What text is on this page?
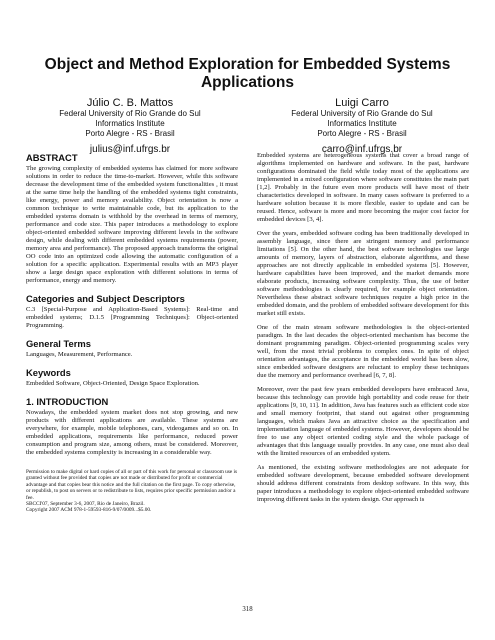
Object and Method Exploration for Embedded Systems Applications
Júlio C. B. Mattos
Federal University of Rio Grande do Sul
Informatics Institute
Porto Alegre - RS - Brasil
julius@inf.ufrgs.br
Luigi Carro
Federal University of Rio Grande do Sul
Informatics Institute
Porto Alegre - RS - Brasil
carro@inf.ufrgs.br
ABSTRACT

The growing complexity of embedded systems has claimed for more software solutions in order to reduce the time-to-market. However, while this software decrease the development time of the embedded system functionalities , it must at the same time help the handling of the embedded systems tight constraints, like energy, power and memory availability. Object orientation is now a common technique to write maintainable code, but its application to the embedded systems domain is withhold by the overhead in terms of memory, performance and code size. This paper introduces a methodology to explore object-oriented embedded software improving different levels in the software design, while dealing with different embedded systems requirements (power, memory area and performance). The proposed approach transforms the original OO code into an optimized code allowing the automatic configuration of a solution for a specific application. Experimental results with an MP3 player show a large design space exploration with different solutions in terms of performance, energy and memory.

Categories and Subject Descriptors

C.3 [Special-Purpose and Application-Based Systems]: Real-time and embedded systems; D.1.5 [Programming Techniques]: Object-oriented Programming.

General Terms

Languages, Measurement, Performance.

Keywords

Embedded Software, Object-Oriented, Design Space Exploration.

1. INTRODUCTION

Nowadays, the embedded system market does not stop growing, and new products with different applications are available. These systems are everywhere, for example, mobile telephones, cars, videogames and so on. In embedded applications, requirements like performance, reduced power consumption and program size, among others, must be considered. Moreover, the embedded systems complexity is increasing in a considerable way.

Permission to make digital or hard copies of all or part of this work for personal or classroom use is granted without fee provided that copies are not made or distributed for profit or commercial advantage and that copies bear this notice and the full citation on the first page. To copy otherwise, or republish, to post on servers or to redistribute to lists, requires prior specific permission and/or a fee.

SBCCI'07, September 3-6, 2007, Rio de Janeiro, Brazil.

Copyright 2007 ACM 978-1-59593-816-9/07/0009...$5.00.

Embedded systems are heterogeneous systems that cover a broad range of algorithms implemented on hardware and software. In the past, hardware configurations dominated the field while today most of the applications are implemented in a mixed configuration where software constitutes the main part [1,2]. Probably in the future even more products will have most of their characteristics developed in software. In many cases software is preferred to a hardware solution because it is more flexible, easier to update and can be reused. Hence, software is more and more becoming the major cost factor for embedded devices [3, 4].

Over the years, embedded software coding has been traditionally developed in assembly language, since there are stringent memory and performance limitations [5]. On the other hand, the best software technologies use large amounts of memory, layers of abstraction, elaborate algorithms, and these approaches are not directly applicable in embedded systems [5]. However, hardware capabilities have been improved, and the market demands more elaborate products, increasing software complexity. Thus, the use of better software methodologies is clearly required, for example object orientation. Nevertheless these abstract software techniques require a high price in the embedded domain, and the problem of embedded software development for this market still exists.

One of the main stream software methodologies is the object-oriented paradigm. In the last decades the object-oriented mechanism has become the dominant programming paradigm. Object-oriented programming scales very well, from the most trivial problems to complex ones. In spite of object orientation advantages, the acceptance in the embedded world has been slow, since embedded software designers are reluctant to employ these techniques due the memory and performance overhead [6, 7, 8].

Moreover, over the past few years embedded developers have embraced Java, because this technology can provide high portability and code reuse for their applications [9, 10, 11]. In addition, Java has features such as efficient code size and small memory footprint, that stand out against other programming languages, which makes Java an attractive choice as the specification and implementation language of embedded systems. However, developers should be free to use any object oriented coding style and the whole package of advantages that this language usually provides. In any case, one must also deal with the limited resources of an embedded system.

As mentioned, the existing software methodologies are not adequate for embedded software development, because embedded software development should address different constraints from desktop software. In this way, this paper introduces a methodology to explore object-oriented embedded software improving different tasks in the system design. Our approach is

318
